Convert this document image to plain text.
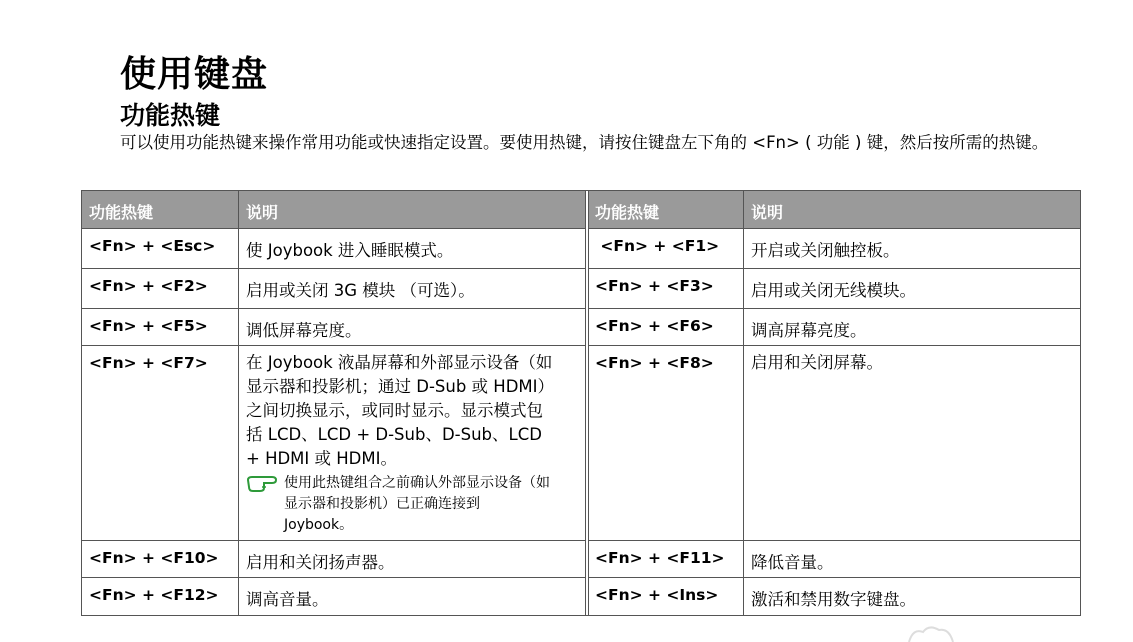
使用键盘
功能热键
可以使用功能热键来操作常用功能或快速指定设置。要使用热键，请按住键盘左下角的 <Fn> ( 功能 ) 键，然后按所需的热键。
功能热键	说明
<Fn> + <Esc>	使 Joybook 进入睡眠模式。
<Fn> + <F2>	启用或关闭 3G 模块 （可选）。
<Fn> + <F5>	调低屏幕亮度。
<Fn> + <F7>	在 Joybook 液晶屏幕和外部显示设备（如显示器和投影机；通过 D-Sub 或 HDMI）之间切换显示，或同时显示。显示模式包括 LCD、LCD + D-Sub、D-Sub、LCD + HDMI 或 HDMI。
使用此热键组合之前确认外部显示设备（如显示器和投影机）已正确连接到 Joybook。
<Fn> + <F10>	启用和关闭扬声器。
<Fn> + <F12>	调高音量。
功能热键	说明
<Fn> + <F1>	开启或关闭触控板。
<Fn> + <F3>	启用或关闭无线模块。
<Fn> + <F6>	调高屏幕亮度。
<Fn> + <F8>	启用和关闭屏幕。
<Fn> + <F11>	降低音量。
<Fn> + <Ins>	激活和禁用数字键盘。
